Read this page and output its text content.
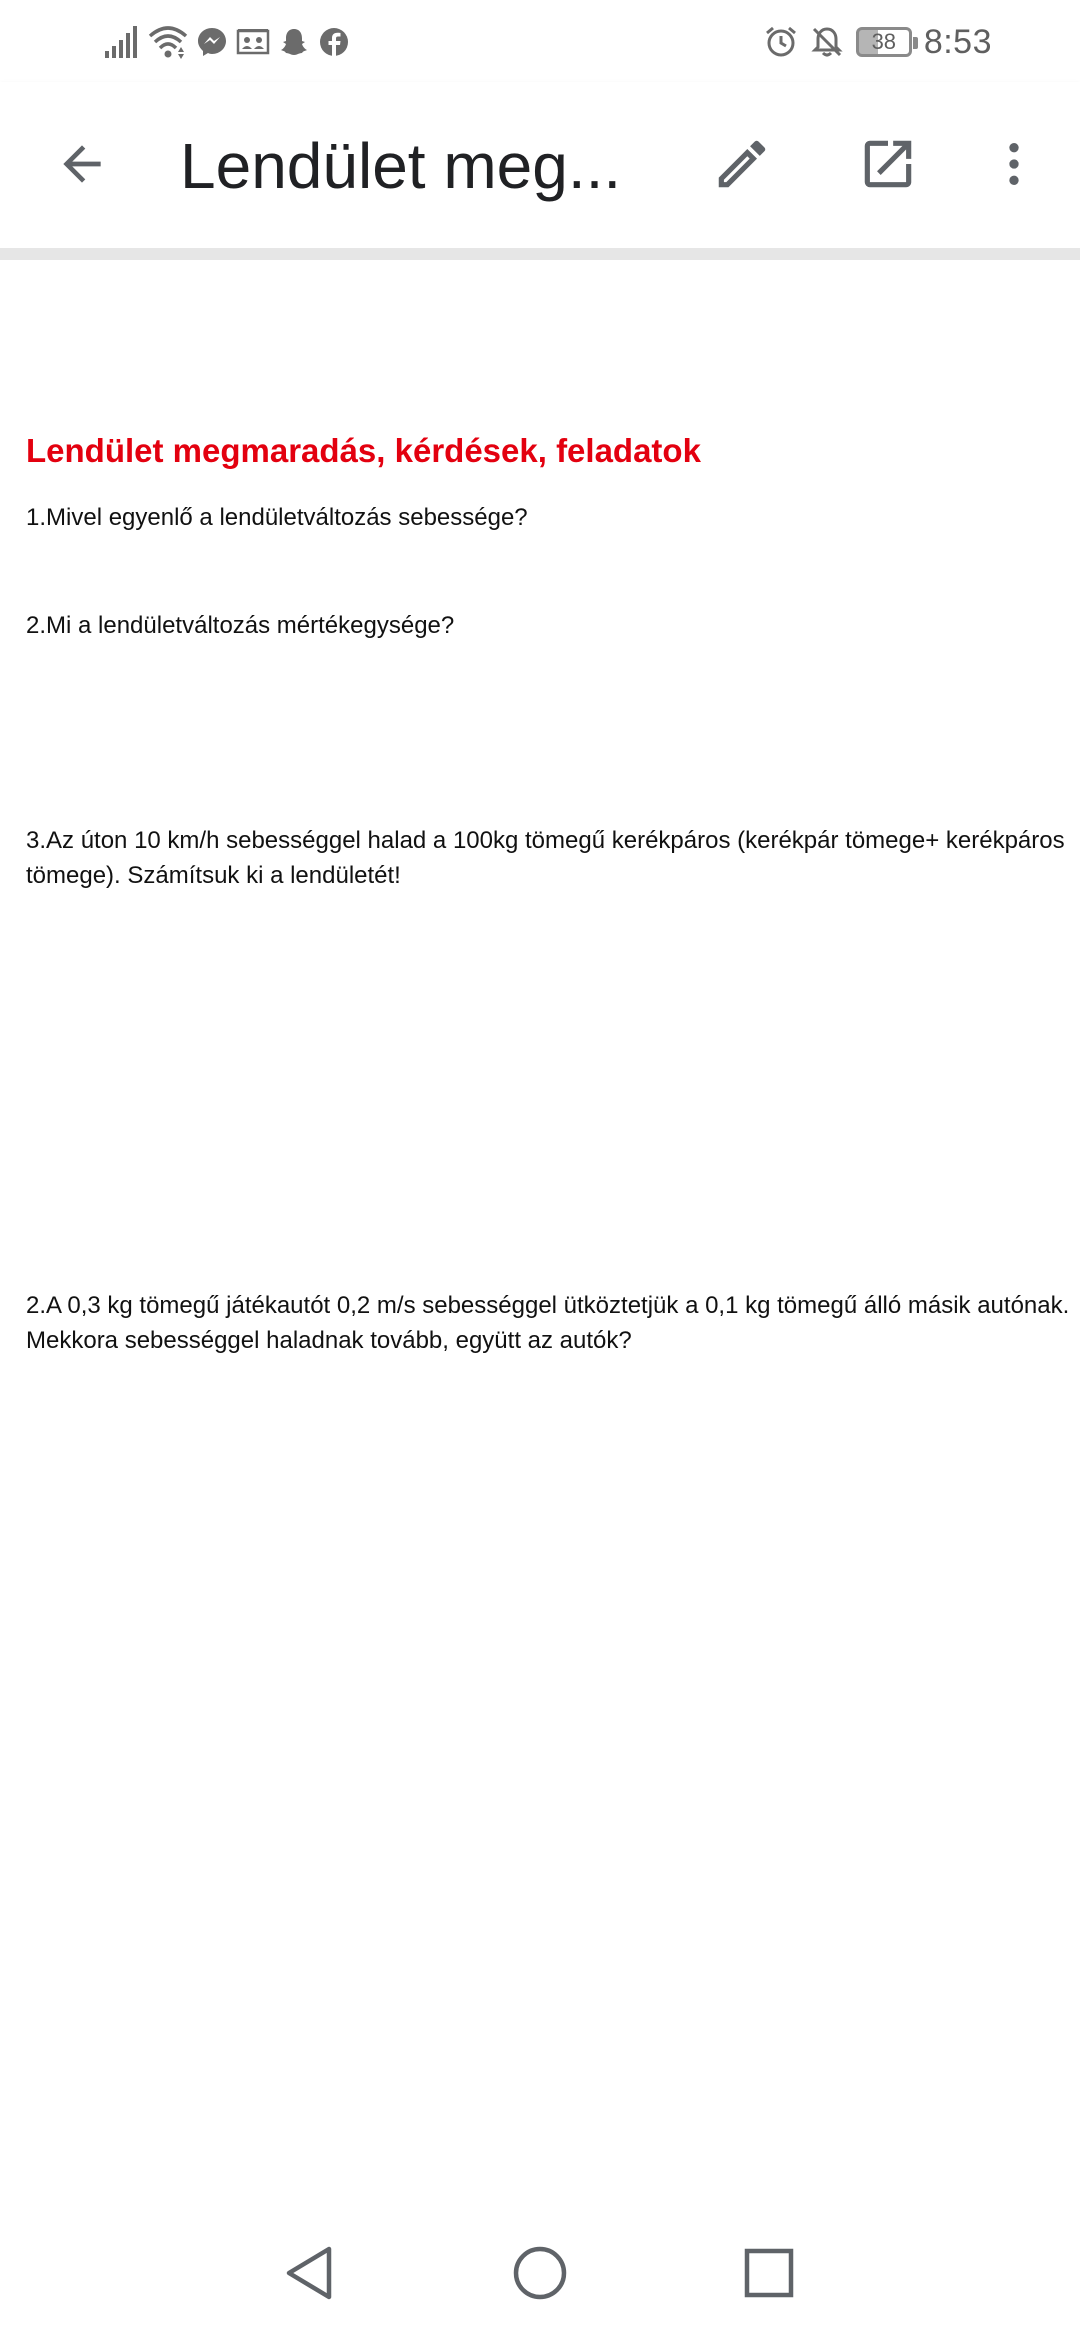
38 8:53
Lendület meg...
Lendület megmaradás, kérdések, feladatok
1.Mivel egyenlő a lendületváltozás sebessége?
2.Mi a lendületváltozás mértékegysége?
3.Az úton 10 km/h sebességgel halad a 100kg tömegű kerékpáros (kerékpár tömege+ kerékpáros tömege). Számítsuk ki a lendületét!
2.A 0,3 kg tömegű játékautót 0,2 m/s sebességgel ütköztetjük a 0,1 kg tömegű álló másik autónak. Mekkora sebességgel haladnak tovább, együtt az autók?
